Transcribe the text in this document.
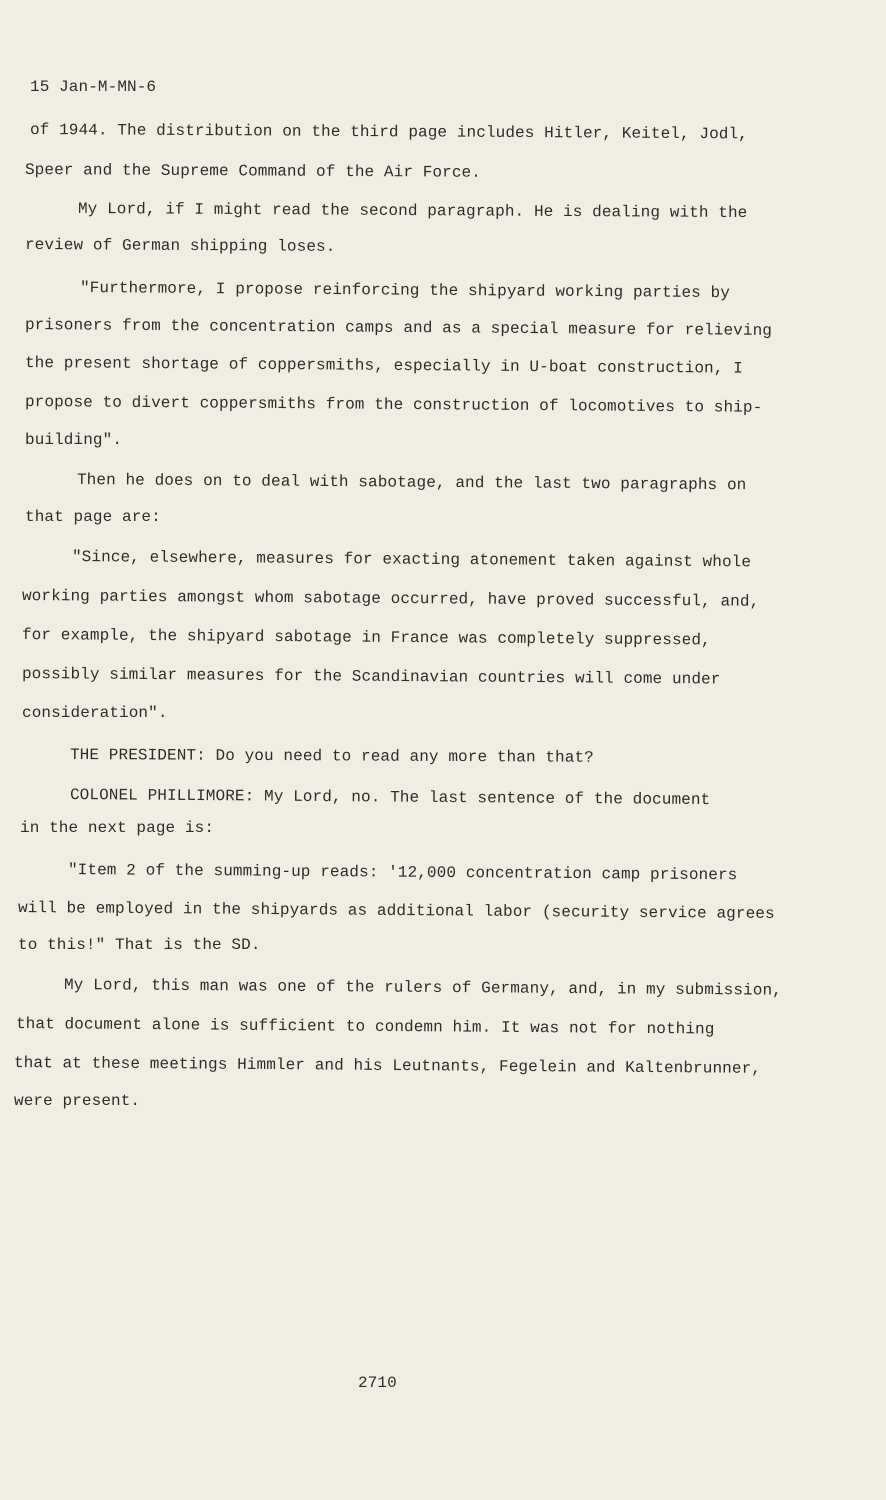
15 Jan-M-MN-6
of 1944. The distribution on the third page includes Hitler, Keitel, Jodl,
Speer and the Supreme Command of the Air Force.
My Lord, if I might read the second paragraph. He is dealing with the
review of German shipping loses.
"Furthermore, I propose reinforcing the shipyard working parties by
prisoners from the concentration camps and as a special measure for relieving
the present shortage of coppersmiths, especially in U-boat construction, I
propose to divert coppersmiths from the construction of locomotives to ship-
building".
Then he does on to deal with sabotage, and the last two paragraphs on
that page are:
"Since, elsewhere, measures for exacting atonement taken against whole
working parties amongst whom sabotage occurred, have proved successful, and,
for example, the shipyard sabotage in France was completely suppressed,
possibly similar measures for the Scandinavian countries will come under
consideration".
THE PRESIDENT: Do you need to read any more than that?
COLONEL PHILLIMORE: My Lord, no. The last sentence of the document
in the next page is:
"Item 2 of the summing-up reads: '12,000 concentration camp prisoners
will be employed in the shipyards as additional labor (security service agrees
to this!" That is the SD.
My Lord, this man was one of the rulers of Germany, and, in my submission,
that document alone is sufficient to condemn him. It was not for nothing
that at these meetings Himmler and his Leutnants, Fegelein and Kaltenbrunner,
were present.
2710
